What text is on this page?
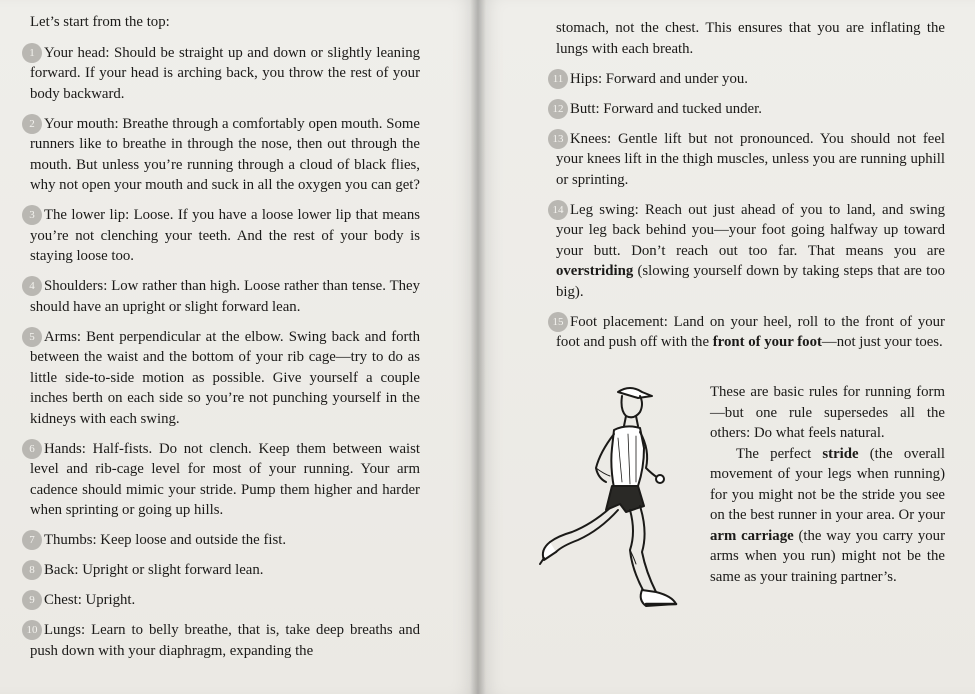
Let’s start from the top:

1 Your head: Should be straight up and down or slightly leaning forward. If your head is arching back, you throw the rest of your body backward.

2 Your mouth: Breathe through a comfortably open mouth. Some runners like to breathe in through the nose, then out through the mouth. But unless you’re running through a cloud of black flies, why not open your mouth and suck in all the oxygen you can get?

3 The lower lip: Loose. If you have a loose lower lip that means you’re not clenching your teeth. And the rest of your body is staying loose too.

4 Shoulders: Low rather than high. Loose rather than tense. They should have an upright or slight forward lean.

5 Arms: Bent perpendicular at the elbow. Swing back and forth between the waist and the bottom of your rib cage—try to do as little side-to-side motion as possible. Give yourself a couple inches berth on each side so you’re not punching yourself in the kidneys with each swing.

6 Hands: Half-fists. Do not clench. Keep them between waist level and rib-cage level for most of your running. Your arm cadence should mimic your stride. Pump them higher and harder when sprinting or going up hills.

7 Thumbs: Keep loose and outside the fist.

8 Back: Upright or slight forward lean.

9 Chest: Upright.

10 Lungs: Learn to belly breathe, that is, take deep breaths and push down with your diaphragm, expanding the

stomach, not the chest. This ensures that you are inflating the lungs with each breath.

11 Hips: Forward and under you.

12 Butt: Forward and tucked under.

13 Knees: Gentle lift but not pronounced. You should not feel your knees lift in the thigh muscles, unless you are running uphill or sprinting.

14 Leg swing: Reach out just ahead of you to land, and swing your leg back behind you—your foot going halfway up toward your butt. Don’t reach out too far. That means you are overstriding (slowing yourself down by taking steps that are too big).

15 Foot placement: Land on your heel, roll to the front of your foot and push off with the front of your foot—not just your toes.

These are basic rules for running form—but one rule supersedes all the others: Do what feels natural.

The perfect stride (the overall movement of your legs when running) for you might not be the stride you see on the best runner in your area. Or your arm carriage (the way you carry your arms when you run) might not be the same as your training partner’s.
